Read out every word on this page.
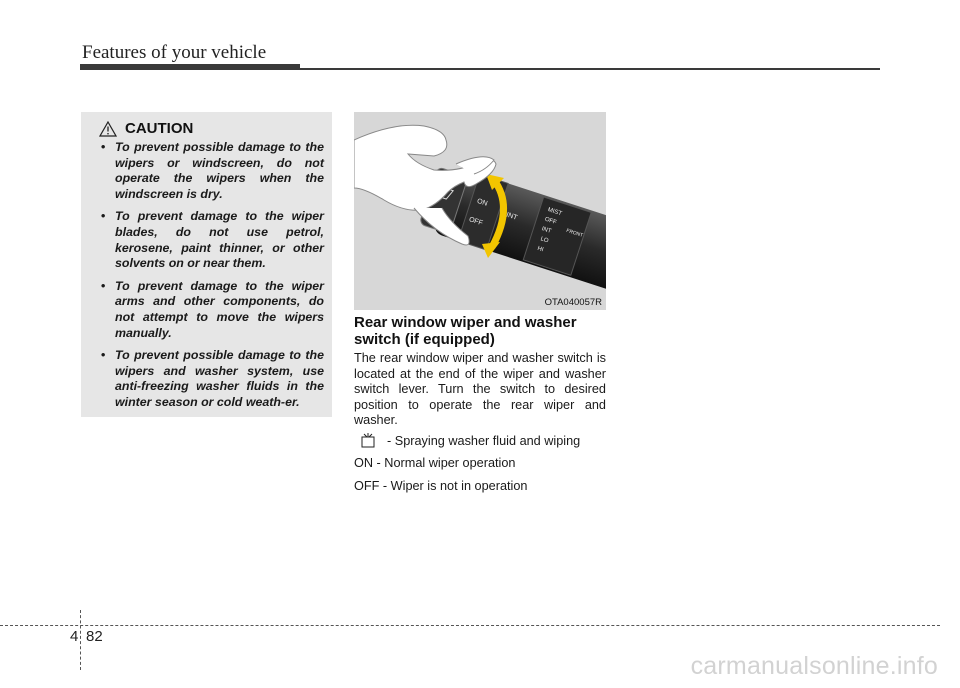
Features of your vehicle
CAUTION
• To prevent possible damage to the wipers or windscreen, do not operate the wipers when the windscreen is dry.
• To prevent damage to the wiper blades, do not use petrol, kerosene, paint thinner, or other solvents on or near them.
• To prevent damage to the wiper arms and other components, do not attempt to move the wipers manually.
• To prevent possible damage to the wipers and washer system, use anti-freezing washer fluids in the winter season or cold weath-er.
ON
OFF	INT	MIST
OFF
INT
LO
HI
FRONT
OTA040057R
Rear window wiper and washer switch (if equipped)
The rear window wiper and washer switch is located at the end of the wiper and washer switch lever. Turn the switch to desired position to operate the rear wiper and washer.
- Spraying washer fluid and wiping
ON - Normal wiper operation
OFF - Wiper is not in operation
4 82
carmanualsonline.info
